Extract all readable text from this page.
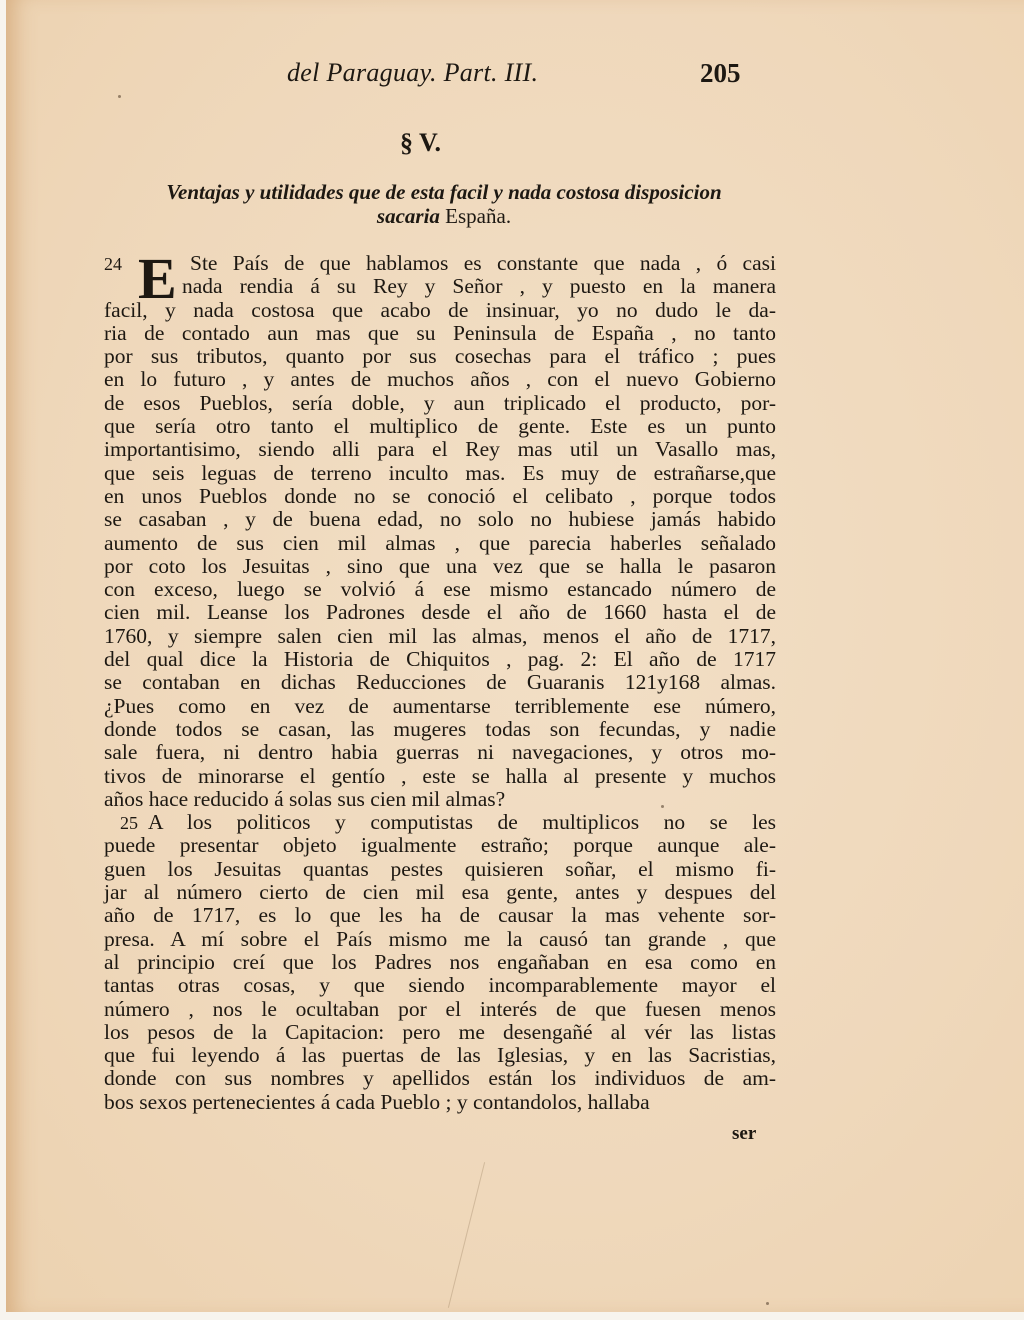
del Paraguay. Part. III.	205
§ V.
Ventajas y utilidades que de esta facil y nada costosa disposicion
sacaria España.
E
24	Ste País de que hablamos es constante que nada , ó casi
nada rendia á su Rey y Señor , y puesto en la manera
facil, y nada costosa que acabo de insinuar, yo no dudo le da-
ria de contado aun mas que su Peninsula de España , no tanto
por sus tributos, quanto por sus cosechas para el tráfico ; pues
en lo futuro , y antes de muchos años , con el nuevo Gobierno
de esos Pueblos, sería doble, y aun triplicado el producto, por-
que sería otro tanto el multiplico de gente. Este es un punto
importantisimo, siendo alli para el Rey mas util un Vasallo mas,
que seis leguas de terreno inculto mas. Es muy de estrañarse,que
en unos Pueblos donde no se conoció el celibato , porque todos
se casaban , y de buena edad, no solo no hubiese jamás habido
aumento de sus cien mil almas , que parecia haberles señalado
por coto los Jesuitas , sino que una vez que se halla le pasaron
con exceso, luego se volvió á ese mismo estancado número de
cien mil. Leanse los Padrones desde el año de 1660 hasta el de
1760, y siempre salen cien mil las almas, menos el año de 1717,
del qual dice la Historia de Chiquitos , pag. 2: El año de 1717
se contaban en dichas Reducciones de Guaranis 121y168 almas.
¿Pues como en vez de aumentarse terriblemente ese número,
donde todos se casan, las mugeres todas son fecundas, y nadie
sale fuera, ni dentro habia guerras ni navegaciones, y otros mo-
tivos de minorarse el gentío , este se halla al presente y muchos
años hace reducido á solas sus cien mil almas?
25 A los politicos y computistas de multiplicos no se les
puede presentar objeto igualmente estraño; porque aunque ale-
guen los Jesuitas quantas pestes quisieren soñar, el mismo fi-
jar al número cierto de cien mil esa gente, antes y despues del
año de 1717, es lo que les ha de causar la mas vehente sor-
presa. A mí sobre el País mismo me la causó tan grande , que
al principio creí que los Padres nos engañaban en esa como en
tantas otras cosas, y que siendo incomparablemente mayor el
número , nos le ocultaban por el interés de que fuesen menos
los pesos de la Capitacion: pero me desengañé al vér las listas
que fui leyendo á las puertas de las Iglesias, y en las Sacristias,
donde con sus nombres y apellidos están los individuos de am-
bos sexos pertenecientes á cada Pueblo ; y contandolos, hallaba
ser
